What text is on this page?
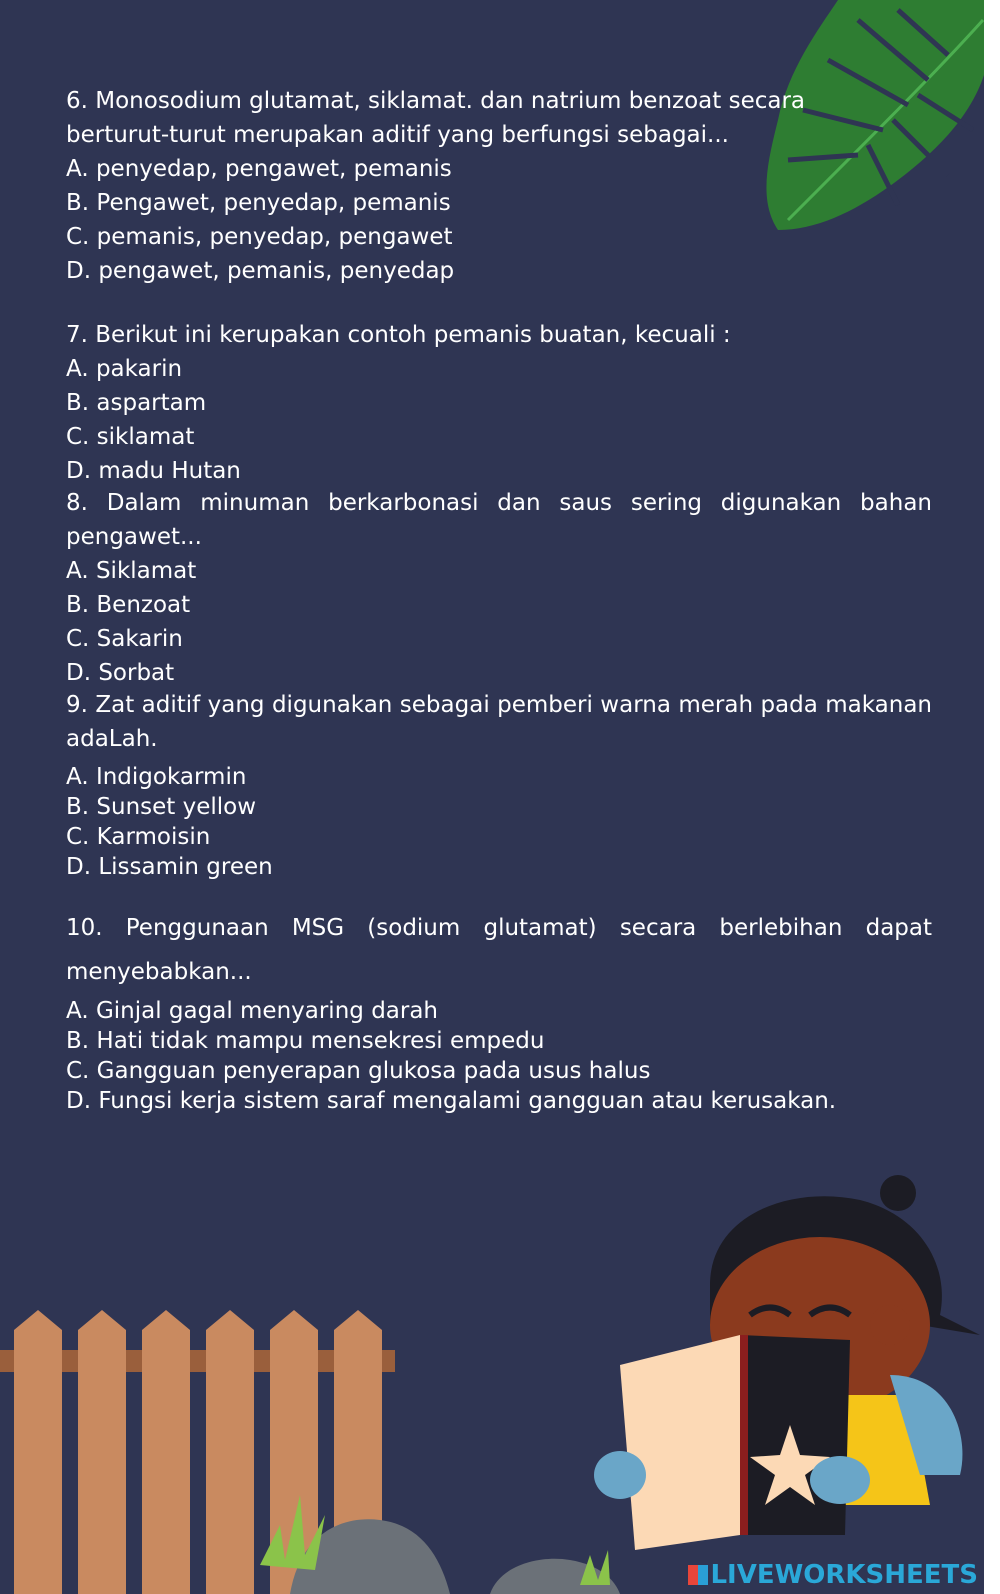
6. Monosodium glutamat, siklamat. dan natrium benzoat secara

berturut-turut merupakan aditif yang berfungsi sebagai...

A. penyedap, pengawet, pemanis

B. Pengawet, penyedap, pemanis

C. pemanis, penyedap, pengawet

D. pengawet, pemanis, penyedap

7. Berikut ini kerupakan contoh pemanis buatan, kecuali :

A. pakarin

B. aspartam

C. siklamat

D. madu Hutan

8. Dalam minuman berkarbonasi dan saus sering digunakan bahan

pengawet...

A. Siklamat

B. Benzoat

C. Sakarin

D. Sorbat

9. Zat aditif yang digunakan sebagai pemberi warna merah pada makanan

adaLah.

A. Indigokarmin

B. Sunset yellow

C. Karmoisin

D. Lissamin green

10. Penggunaan MSG (sodium glutamat) secara berlebihan dapat

menyebabkan...

A. Ginjal gagal menyaring darah

B. Hati tidak mampu mensekresi empedu

C. Gangguan penyerapan glukosa pada usus halus

D. Fungsi kerja sistem saraf mengalami gangguan atau kerusakan.

LIVEWORKSHEETS
